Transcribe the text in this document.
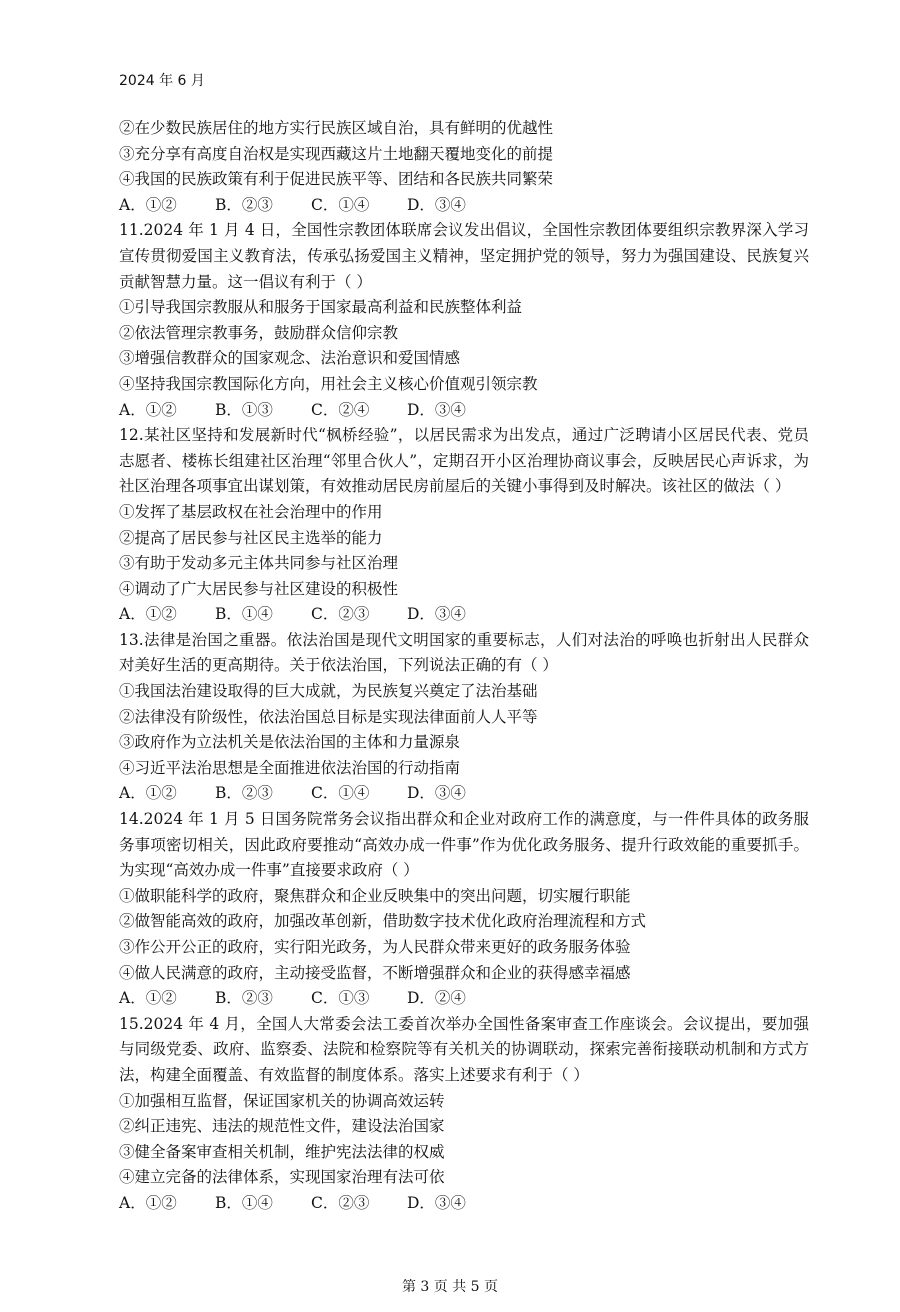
2024 年 6 月

②在少数民族居住的地方实行民族区域自治，具有鲜明的优越性

③充分享有高度自治权是实现西藏这片土地翻天覆地变化的前提

④我国的民族政策有利于促进民族平等、团结和各民族共同繁荣

A．①②	B．②③	C．①④	D．③④

11.2024 年 1 月 4 日，全国性宗教团体联席会议发出倡议，全国性宗教团体要组织宗教界深入学习宣传贯彻爱国主义教育法，传承弘扬爱国主义精神，坚定拥护党的领导，努力为强国建设、民族复兴贡献智慧力量。这一倡议有利于（ ）

①引导我国宗教服从和服务于国家最高利益和民族整体利益

②依法管理宗教事务，鼓励群众信仰宗教

③增强信教群众的国家观念、法治意识和爱国情感

④坚持我国宗教国际化方向，用社会主义核心价值观引领宗教

A．①②	B．①③	C．②④	D．③④

12.某社区坚持和发展新时代“枫桥经验”，以居民需求为出发点，通过广泛聘请小区居民代表、党员志愿者、楼栋长组建社区治理“邻里合伙人”，定期召开小区治理协商议事会，反映居民心声诉求，为社区治理各项事宜出谋划策，有效推动居民房前屋后的关键小事得到及时解决。该社区的做法（ ）

①发挥了基层政权在社会治理中的作用

②提高了居民参与社区民主选举的能力

③有助于发动多元主体共同参与社区治理

④调动了广大居民参与社区建设的积极性

A．①②	B．①④	C．②③	D．③④

13.法律是治国之重器。依法治国是现代文明国家的重要标志，人们对法治的呼唤也折射出人民群众对美好生活的更高期待。关于依法治国，下列说法正确的有（ ）

①我国法治建设取得的巨大成就，为民族复兴奠定了法治基础

②法律没有阶级性，依法治国总目标是实现法律面前人人平等

③政府作为立法机关是依法治国的主体和力量源泉

④习近平法治思想是全面推进依法治国的行动指南

A．①②	B．②③	C．①④	D．③④

14.2024 年 1 月 5 日国务院常务会议指出群众和企业对政府工作的满意度，与一件件具体的政务服务事项密切相关，因此政府要推动“高效办成一件事”作为优化政务服务、提升行政效能的重要抓手。为实现“高效办成一件事”直接要求政府（ ）

①做职能科学的政府，聚焦群众和企业反映集中的突出问题，切实履行职能

②做智能高效的政府，加强改革创新，借助数字技术优化政府治理流程和方式

③作公开公正的政府，实行阳光政务，为人民群众带来更好的政务服务体验

④做人民满意的政府，主动接受监督，不断增强群众和企业的获得感幸福感

A．①②	B．②③	C．①③	D．②④

15.2024 年 4 月，全国人大常委会法工委首次举办全国性备案审查工作座谈会。会议提出，要加强与同级党委、政府、监察委、法院和检察院等有关机关的协调联动，探索完善衔接联动机制和方式方法，构建全面覆盖、有效监督的制度体系。落实上述要求有利于（ ）

①加强相互监督，保证国家机关的协调高效运转

②纠正违宪、违法的规范性文件，建设法治国家

③健全备案审查相关机制，维护宪法法律的权威

④建立完备的法律体系，实现国家治理有法可依

A．①②	B．①④	C．②③	D．③④
第 3 页 共 5 页
